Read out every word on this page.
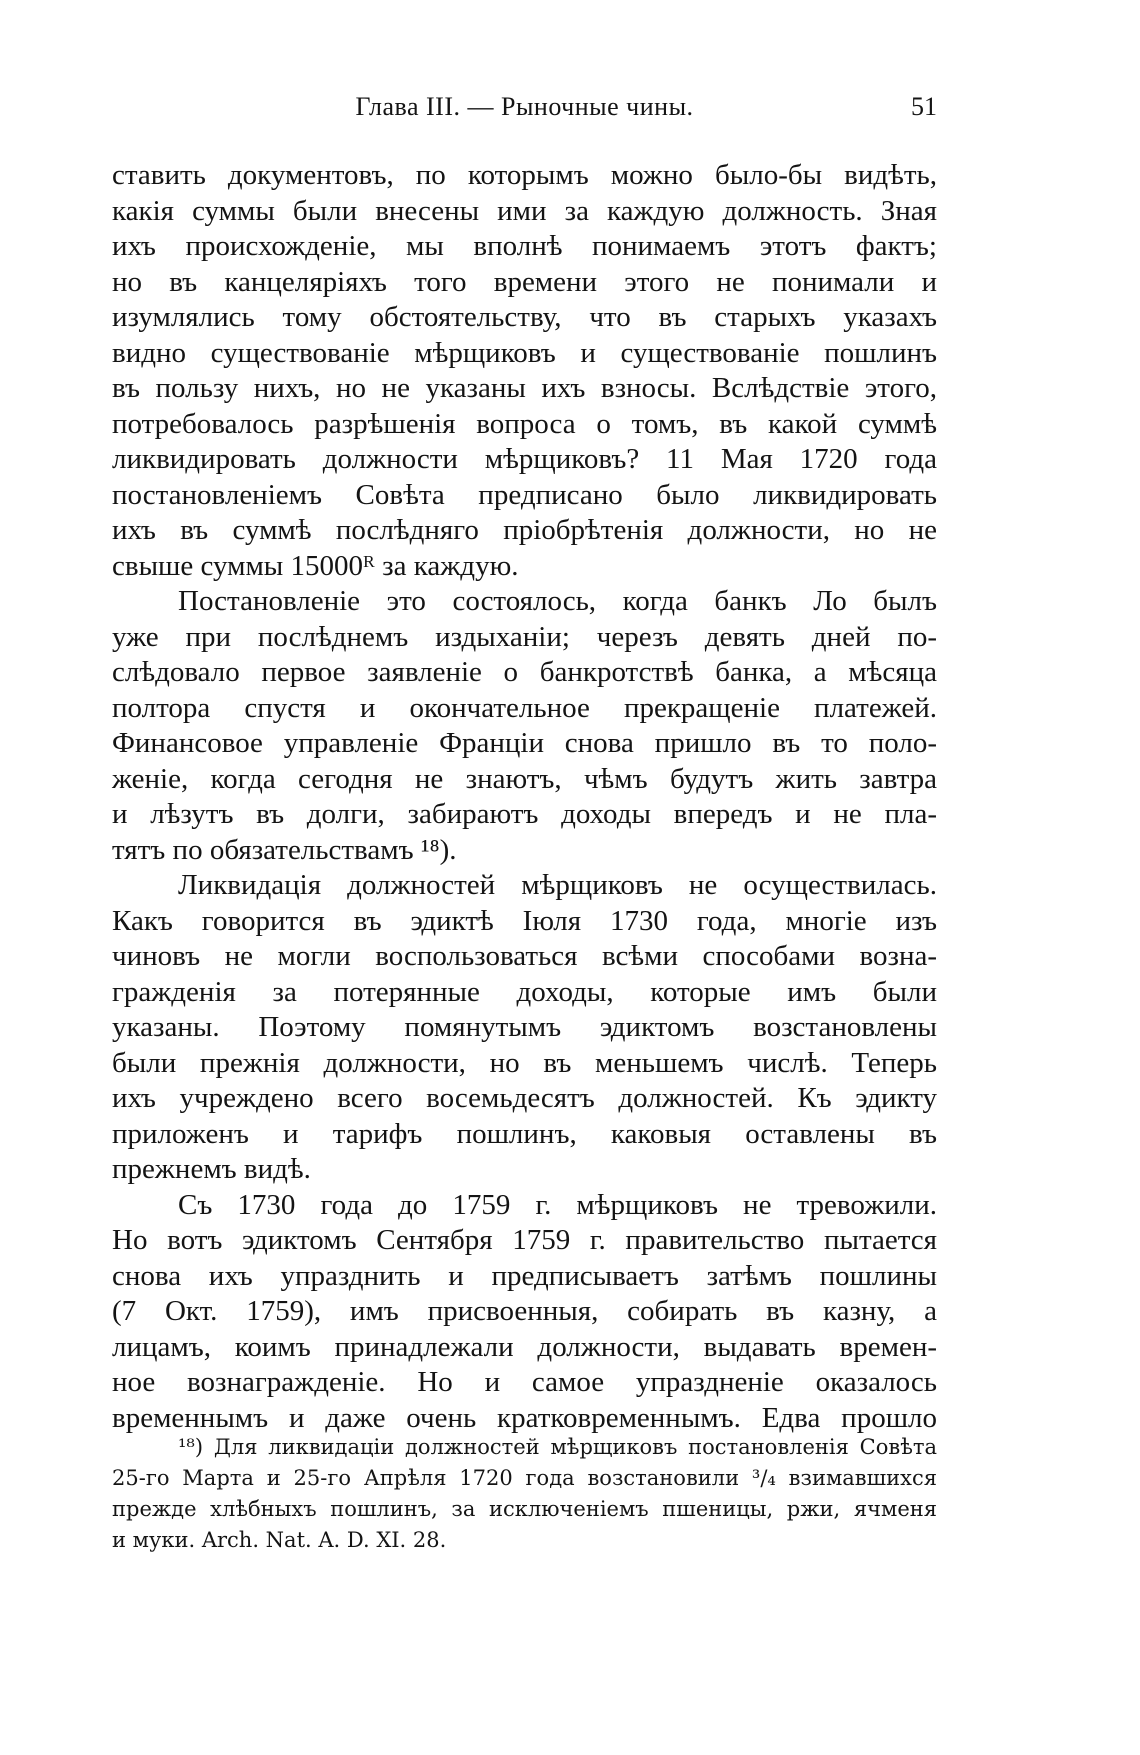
Глава III. — Рыночные чины.	51
ставить документовъ, по которымъ можно было-бы видѣть,
какія суммы были внесены ими за каждую должность. Зная
ихъ происхожденіе, мы вполнѣ понимаемъ этотъ фактъ;
но въ канцеляріяхъ того времени этого не понимали и
изумлялись тому обстоятельству, что въ старыхъ указахъ
видно существованіе мѣрщиковъ и существованіе пошлинъ
въ пользу нихъ, но не указаны ихъ взносы. Вслѣдствіе этого,
потребовалось разрѣшенія вопроса о томъ, въ какой суммѣ
ликвидировать должности мѣрщиковъ? 11 Мая 1720 года
постановленіемъ Совѣта предписано было ликвидировать
ихъ въ суммѣ послѣдняго пріобрѣтенія должности, но не
свыше суммы 15000ᴿ за каждую.
Постановленіе это состоялось, когда банкъ Ло былъ
уже при послѣднемъ издыханіи; черезъ девять дней по-
слѣдовало первое заявленіе о банкротствѣ банка, а мѣсяца
полтора спустя и окончательное прекращеніе платежей.
Финансовое управленіе Франціи снова пришло въ то поло-
женіе, когда сегодня не знаютъ, чѣмъ будутъ жить завтра
и лѣзутъ въ долги, забираютъ доходы впередъ и не пла-
тятъ по обязательствамъ ¹⁸).
Ликвидація должностей мѣрщиковъ не осуществилась.
Какъ говорится въ эдиктѣ Іюля 1730 года, многіе изъ
чиновъ не могли воспользоваться всѣми способами возна-
гражденія за потерянные доходы, которые имъ были
указаны. Поэтому помянутымъ эдиктомъ возстановлены
были прежнія должности, но въ меньшемъ числѣ. Теперь
ихъ учреждено всего восемьдесятъ должностей. Къ эдикту
приложенъ и тарифъ пошлинъ, каковыя оставлены въ
прежнемъ видѣ.
Съ 1730 года до 1759 г. мѣрщиковъ не тревожили.
Но вотъ эдиктомъ Сентября 1759 г. правительство пытается
снова ихъ упразднить и предписываетъ затѣмъ пошлины
(7 Окт. 1759), имъ присвоенныя, собирать въ казну, а
лицамъ, коимъ принадлежали должности, выдавать времен-
ное вознагражденіе. Но и самое упраздненіе оказалось
временнымъ и даже очень кратковременнымъ. Едва прошло
¹⁸) Для ликвидаціи должностей мѣрщиковъ постановленія Совѣта
25-го Марта и 25-го Апрѣля 1720 года возстановили ³/₄ взимавшихся
прежде хлѣбныхъ пошлинъ, за исключеніемъ пшеницы, ржи, ячменя
и муки. Arch. Nat. A. D. XI. 28.
